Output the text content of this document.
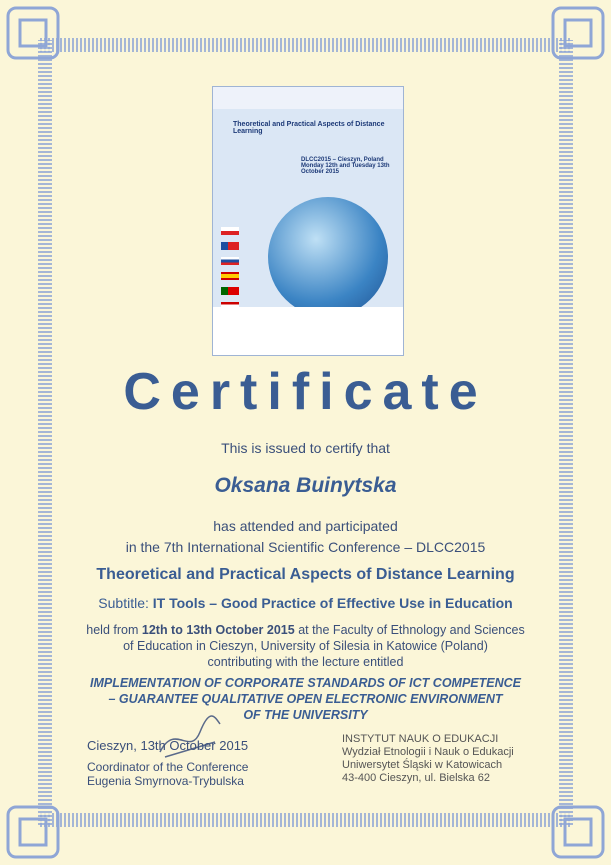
Theoretical and Practical Aspects of Distance Learning
DLCC2015 – Cieszyn, Poland Monday 12th and Tuesday 13th October 2015
Certificate
This is issued to certify that
Oksana Buinytska
has attended and participated
in the 7th International Scientific Conference – DLCC2015
Theoretical and Practical Aspects of Distance Learning
Subtitle: IT Tools – Good Practice of Effective Use in Education
held from 12th to 13th October 2015 at the Faculty of Ethnology and Sciences
of Education in Cieszyn, University of Silesia in Katowice (Poland)
contributing with the lecture entitled
IMPLEMENTATION OF CORPORATE STANDARDS OF ICT COMPETENCE
– GUARANTEE QUALITATIVE OPEN ELECTRONIC ENVIRONMENT
OF THE UNIVERSITY
Cieszyn, 13th October 2015
Coordinator of the Conference
Eugenia Smyrnova-Trybulska
INSTYTUT NAUK O EDUKACJI
Wydział Etnologii i Nauk o Edukacji
Uniwersytet Śląski w Katowicach
43-400 Cieszyn, ul. Bielska 62
